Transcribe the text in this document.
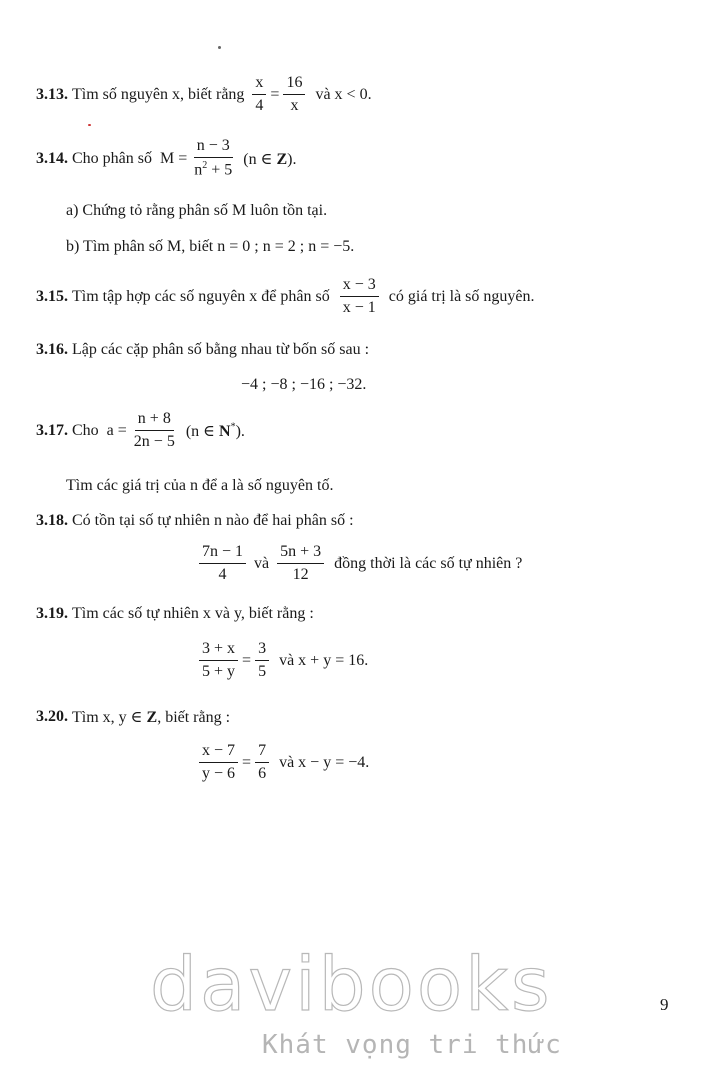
3.13.
Tìm số nguyên x, biết rằng $\frac{x}{4} = \frac{16}{x}$ và x < 0.
3.14.
Cho phân số  $M = \frac{n - 3}{n^2 + 5} (n$ ∈ Z).
a) Chứng tỏ rằng phân số M luôn tồn tại.
b) Tìm phân số M, biết n = 0 ; n = 2 ; n = −5.
3.15.
Tìm tập hợp các số nguyên x để phân số $\frac{x - 3}{x - 1}$ có giá trị là số nguyên.
3.16.
Lập các cặp phân số bằng nhau từ bốn số sau :
−4 ; −8 ; −16 ; −32.
3.17.
Cho  $a = \frac{n + 8}{2n - 5} (n$ ∈ N*).
Tìm các giá trị của n để a là số nguyên tố.
3.18.
Có tồn tại số tự nhiên n nào để hai phân số :
$\frac{7n - 1}{4}$ và $\frac{5n + 3}{12}$ đồng thời là các số tự nhiên ?
3.19.
Tìm các số tự nhiên x và y, biết rằng :
$\frac{3 + x}{5 + y} = \frac{3}{5}$ và x + y = 16.
3.20.
Tìm x, y ∈ Z, biết rằng :
$\frac{x - 7}{y - 6} = \frac{7}{6}$ và x − y = −4.
davibooks
Khát vọng tri thức
9
